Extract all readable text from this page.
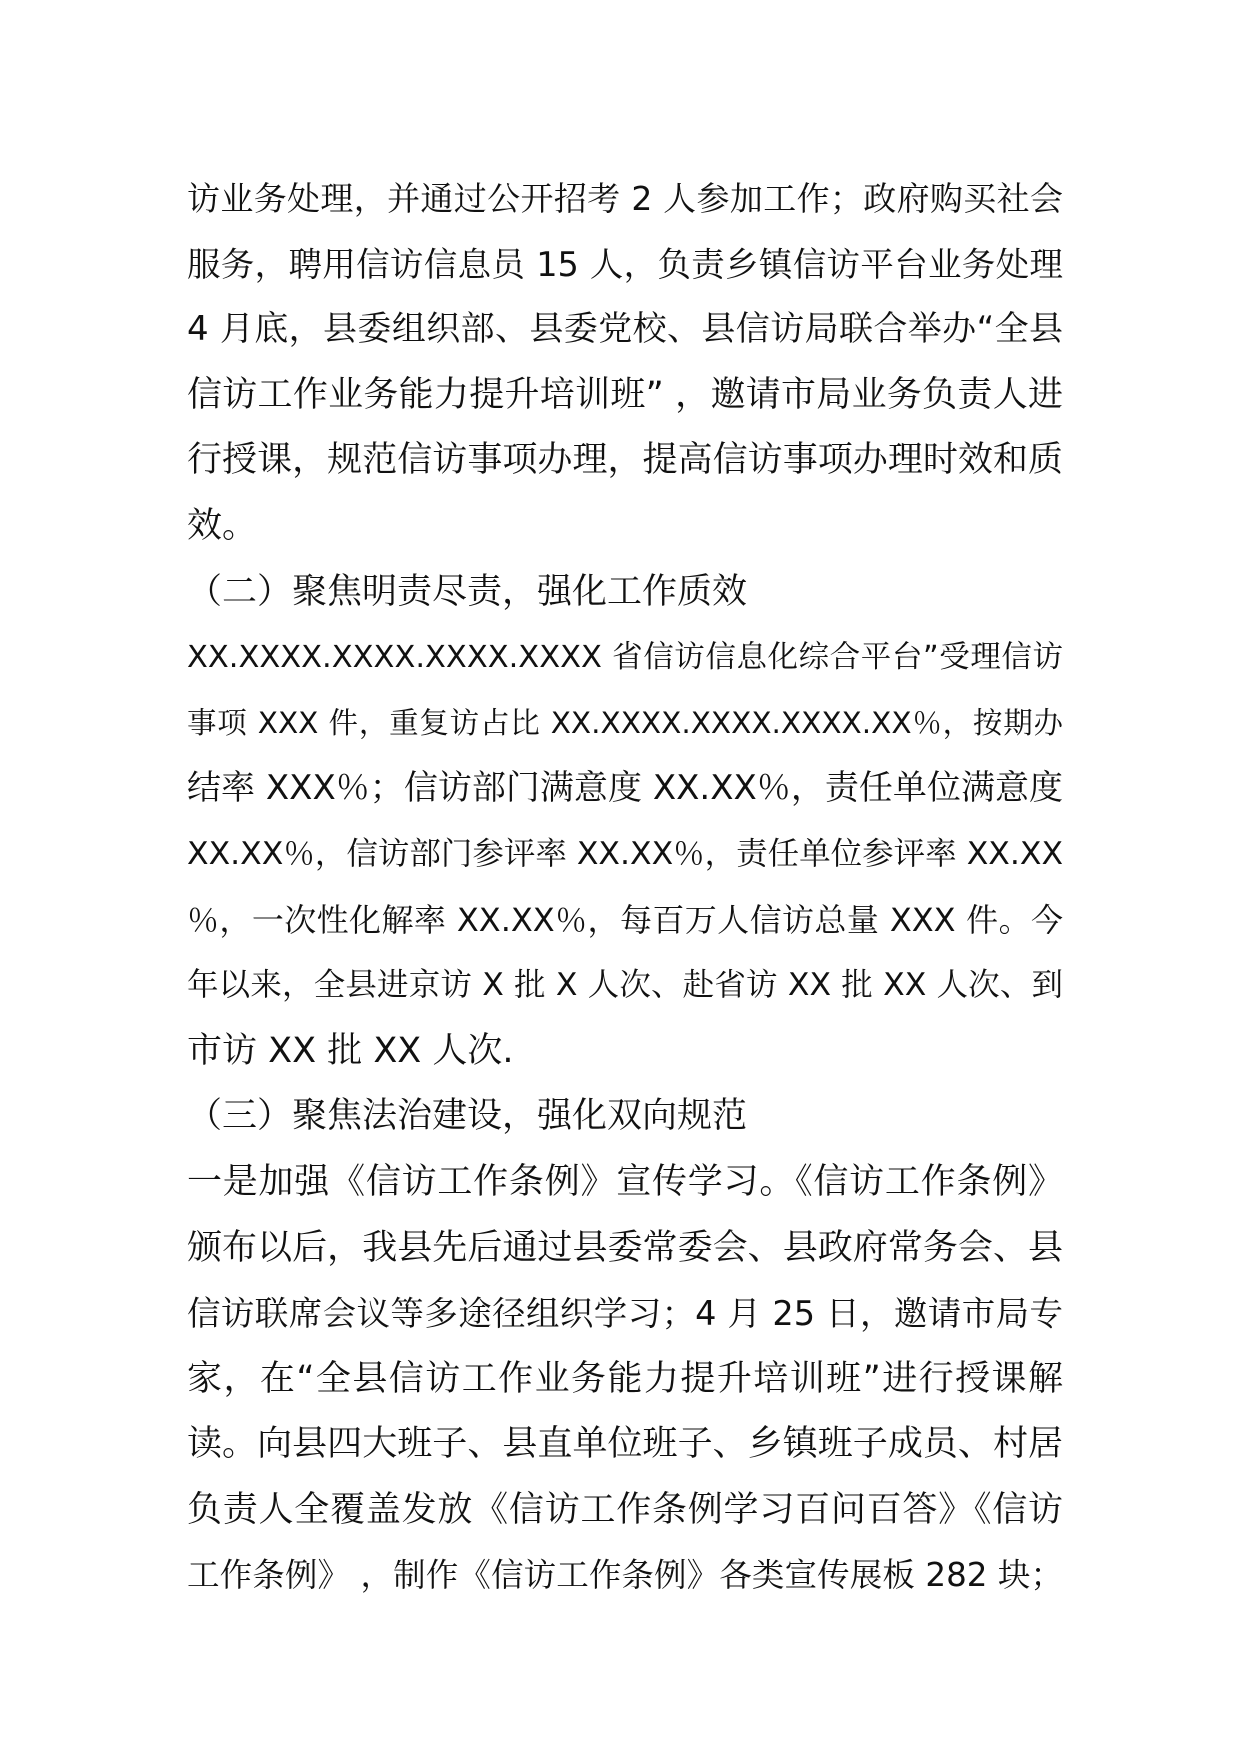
访业务处理，并通过公开招考 2 人参加工作；政府购买社会
服务，聘用信访信息员 15 人，负责乡镇信访平台业务处理
4 月底，县委组织部、县委党校、县信访局联合举办“全县
信访工作业务能力提升培训班” ，邀请市局业务负责人进
行授课，规范信访事项办理，提高信访事项办理时效和质
效。
（二）聚焦明责尽责，强化工作质效
XX.XXXX.XXXX.XXXX.XXXX 省信访信息化综合平台”受理信访
事项 XXX 件，重复访占比 XX.XXXX.XXXX.XXXX.XX％，按期办
结率 XXX％；信访部门满意度 XX.XX％，责任单位满意度
XX.XX％，信访部门参评率 XX.XX％，责任单位参评率 XX.XX
％，一次性化解率 XX.XX％，每百万人信访总量 XXX 件。今
年以来，全县进京访 X 批 X 人次、赴省访 XX 批 XX 人次、到
市访 XX 批 XX 人次.
（三）聚焦法治建设，强化双向规范
一是加强《信访工作条例》宣传学习。《信访工作条例》
颁布以后，我县先后通过县委常委会、县政府常务会、县
信访联席会议等多途径组织学习；4 月 25 日，邀请市局专
家，在“全县信访工作业务能力提升培训班”进行授课解
读。向县四大班子、县直单位班子、乡镇班子成员、村居
负责人全覆盖发放《信访工作条例学习百问百答》《信访
工作条例》 ，制作《信访工作条例》各类宣传展板 282 块；
